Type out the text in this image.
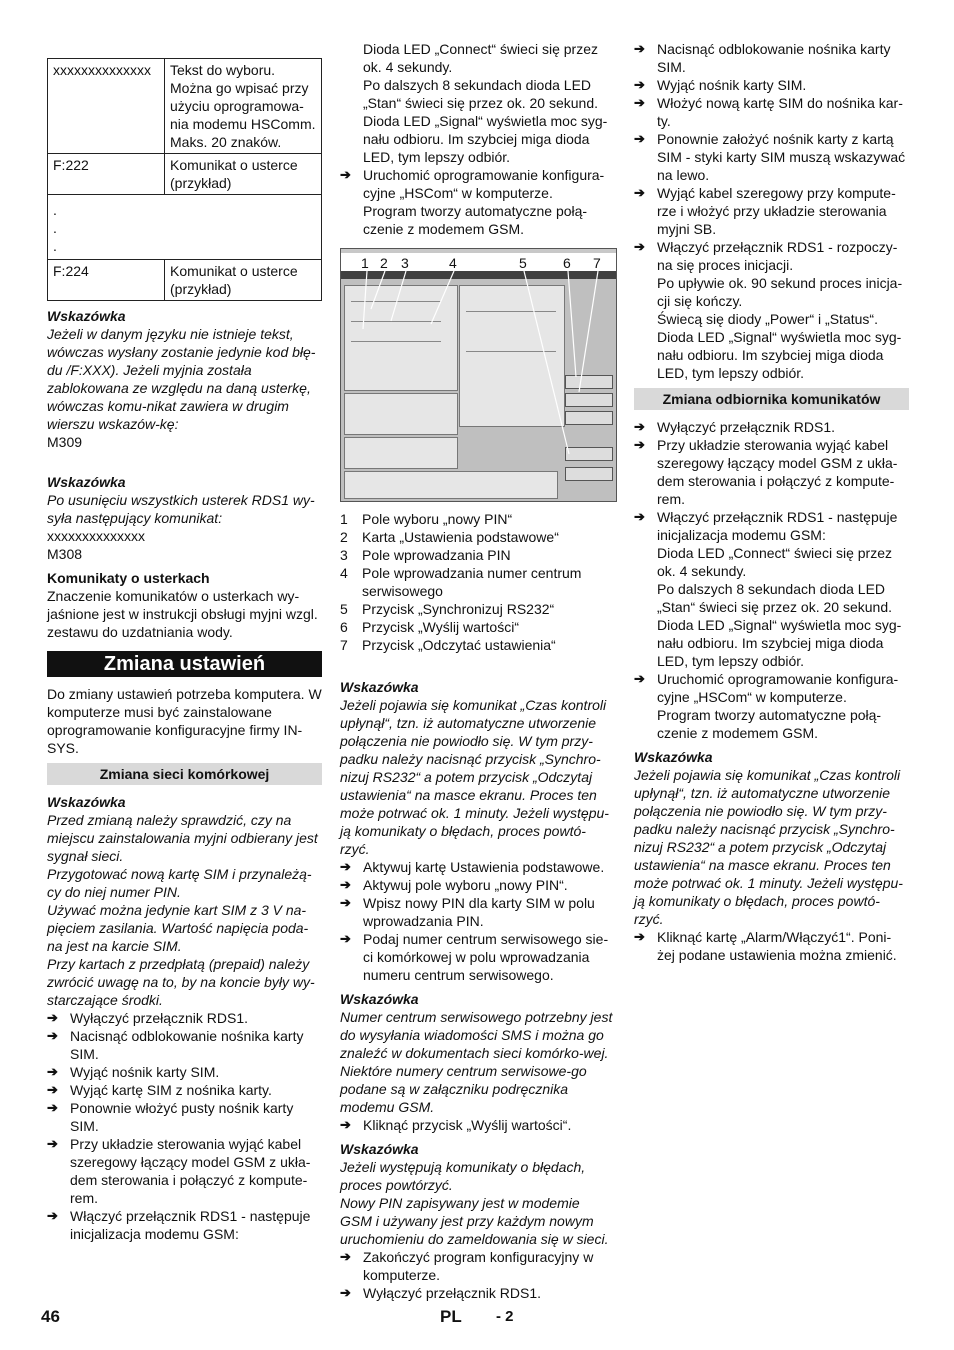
xxxxxxxxxxxxxx	Tekst do wyboru. Można go wpisać przy użyciu oprogramowa-nia modemu HSComm. Maks. 20 znaków.
F:222	Komunikat o usterce (przykład)
.
.
.	
F:224	Komunikat o usterce (przykład)

Wskazówka

Jeżeli w danym języku nie istnieje tekst, wówczas wysłany zostanie jedynie kod błę-du /F:XXX). Jeżeli myjnia została zablokowana ze względu na daną usterkę, wówczas komu-nikat zawiera w drugim wierszu wskazów-kę:

M309

Wskazówka

Po usunięciu wszystkich usterek RDS1 wy-syła następujący komunikat:

xxxxxxxxxxxxxx

M308

Komunikaty o usterkach

Znaczenie komunikatów o usterkach wy-jaśnione jest w instrukcji obsługi myjni wzgl. zestawu do uzdatniania wody.

Zmiana ustawień

Do zmiany ustawień potrzeba komputera. W komputerze musi być zainstalowane oprogramowanie konfiguracyjne firmy IN-SYS.

Zmiana sieci komórkowej

Wskazówka

Przed zmianą należy sprawdzić, czy na miejscu zainstalowania myjni odbierany jest sygnał sieci.

Przygotować nową kartę SIM i przynależą-cy do niej numer PIN.

Używać można jedynie kart SIM z 3 V na-pięciem zasilania. Wartość napięcia poda-na jest na karcie SIM.

Przy kartach z przedpłatą (prepaid) należy zwrócić uwagę na to, by na koncie były wy-starczające środki.

➔ Wyłączyć przełącznik RDS1.
➔ Nacisnąć odblokowanie nośnika karty SIM.
➔ Wyjąć nośnik karty SIM.
➔ Wyjąć kartę SIM z nośnika karty.
➔ Ponownie włożyć pusty nośnik karty SIM.
➔ Przy układzie sterowania wyjąć kabel szeregowy łączący model GSM z ukła-dem sterowania i połączyć z kompute-rem.
➔ Włączyć przełącznik RDS1 - następuje inicjalizacja modemu GSM:

Dioda LED „Connect“ świeci się przez ok. 4 sekundy.

Po dalszych 8 sekundach dioda LED „Stan“ świeci się przez ok. 20 sekund.

Dioda LED „Signal“ wyświetla moc syg-nału odbioru. Im szybciej miga dioda LED, tym lepszy odbiór.

➔ Uruchomić oprogramowanie konfigura-cyjne „HSCom“ w komputerze.

Program tworzy automatyczne połą-czenie z modemem GSM.

1 2 3	4	5	6 7
1	Pole wyboru „nowy PIN“
2	Karta „Ustawienia podstawowe“
3	Pole wprowadzania PIN
4	Pole wprowadzania numer centrum serwisowego
5	Przycisk „Synchronizuj RS232“
6	Przycisk „Wyślij wartości“
7	Przycisk „Odczytać ustawienia“

Wskazówka

Jeżeli pojawia się komunikat „Czas kontroli upłynął“, tzn. iż automatyczne utworzenie połączenia nie powiodło się. W tym przy-padku należy nacisnąć przycisk „Synchro-nizuj RS232“ a potem przycisk „Odczytaj ustawienia“ na masce ekranu. Proces ten może potrwać ok. 1 minuty. Jeżeli występu-ją komunikaty o błędach, proces powtó-rzyć.

➔ Aktywuj kartę Ustawienia podstawowe.
➔ Aktywuj pole wyboru „nowy PIN“.
➔ Wpisz nowy PIN dla karty SIM w polu wprowadzania PIN.
➔ Podaj numer centrum serwisowego sie-ci komórkowej w polu wprowadzania numeru centrum serwisowego.

Wskazówka

Numer centrum serwisowego potrzebny jest do wysyłania wiadomości SMS i można go znaleźć w dokumentach sieci komórko-wej. Niektóre numery centrum serwisowe-go podane są w załączniku podręcznika modemu GSM.

➔ Kliknąć przycisk „Wyślij wartości“.

Wskazówka

Jeżeli występują komunikaty o błędach, proces powtórzyć.

Nowy PIN zapisywany jest w modemie GSM i używany jest przy każdym nowym uruchomieniu do zameldowania się w sieci.

➔ Zakończyć program konfiguracyjny w komputerze.
➔ Wyłączyć przełącznik RDS1.
➔ Nacisnąć odblokowanie nośnika karty SIM.
➔ Wyjąć nośnik karty SIM.
➔ Włożyć nową kartę SIM do nośnika kar-ty.
➔ Ponownie założyć nośnik karty z kartą SIM - styki karty SIM muszą wskazywać na lewo.
➔ Wyjąć kabel szeregowy przy kompute-rze i włożyć przy układzie sterowania myjni SB.
➔ Włączyć przełącznik RDS1 - rozpoczy-na się proces inicjacji.

Po upływie ok. 90 sekund proces inicja-cji się kończy.

Świecą się diody „Power“ i „Status“.

Dioda LED „Signal“ wyświetla moc syg-nału odbioru. Im szybciej miga dioda LED, tym lepszy odbiór.

Zmiana odbiornika komunikatów
➔ Wyłączyć przełącznik RDS1.
➔ Przy układzie sterowania wyjąć kabel szeregowy łączący model GSM z ukła-dem sterowania i połączyć z kompute-rem.
➔ Włączyć przełącznik RDS1 - następuje inicjalizacja modemu GSM:

Dioda LED „Connect“ świeci się przez ok. 4 sekundy.

Po dalszych 8 sekundach dioda LED „Stan“ świeci się przez ok. 20 sekund.

Dioda LED „Signal“ wyświetla moc syg-nału odbioru. Im szybciej miga dioda LED, tym lepszy odbiór.

➔ Uruchomić oprogramowanie konfigura-cyjne „HSCom“ w komputerze.

Program tworzy automatyczne połą-czenie z modemem GSM.

Wskazówka

Jeżeli pojawia się komunikat „Czas kontroli upłynął“, tzn. iż automatyczne utworzenie połączenia nie powiodło się. W tym przy-padku należy nacisnąć przycisk „Synchro-nizuj RS232“ a potem przycisk „Odczytaj ustawienia“ na masce ekranu. Proces ten może potrwać ok. 1 minuty. Jeżeli występu-ją komunikaty o błędach, proces powtó-rzyć.

➔ Kliknąć kartę „Alarm/Włączyć1“. Poni-żej podane ustawienia można zmienić.
46	PL - 2
